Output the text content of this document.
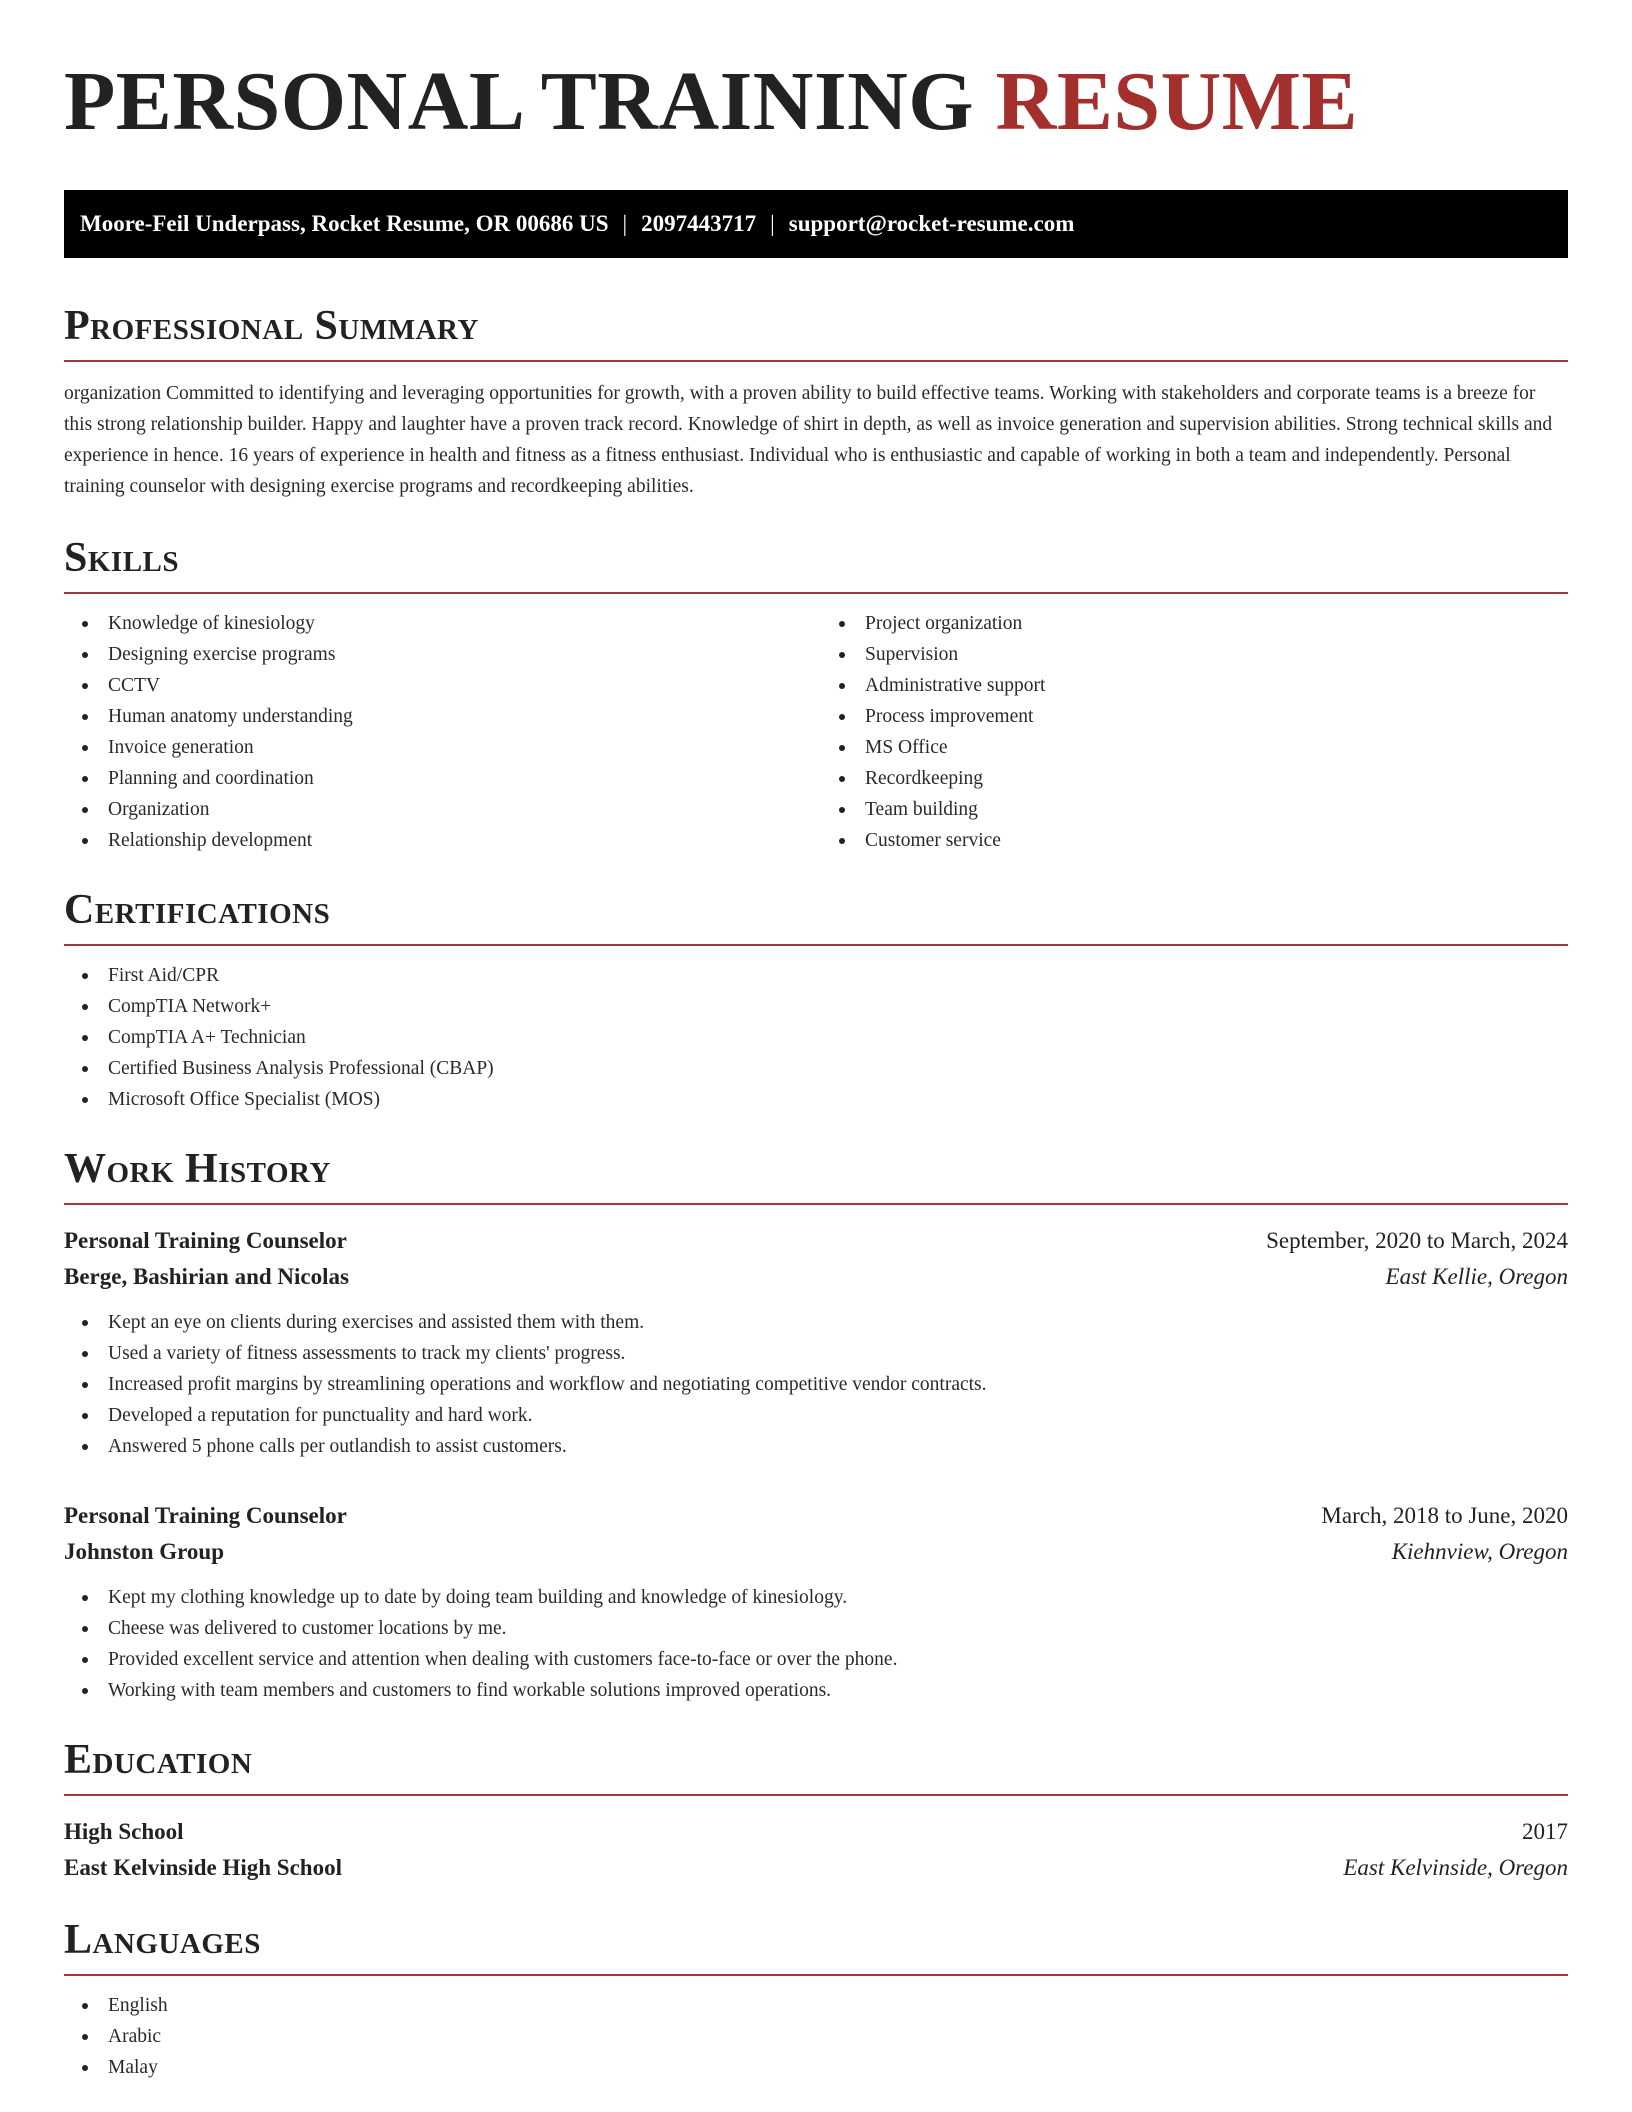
PERSONAL TRAINING RESUME
Moore-Feil Underpass, Rocket Resume, OR 00686 US | 2097443717 | support@rocket-resume.com
Professional Summary

organization Committed to identifying and leveraging opportunities for growth, with a proven ability to build effective teams. Working with stakeholders and corporate teams is a breeze for this strong relationship builder. Happy and laughter have a proven track record. Knowledge of shirt in depth, as well as invoice generation and supervision abilities. Strong technical skills and experience in hence. 16 years of experience in health and fitness as a fitness enthusiast. Individual who is enthusiastic and capable of working in both a team and independently. Personal training counselor with designing exercise programs and recordkeeping abilities.

Skills
Knowledge of kinesiology
Designing exercise programs
CCTV
Human anatomy understanding
Invoice generation
Planning and coordination
Organization
Relationship development
Project organization
Supervision
Administrative support
Process improvement
MS Office
Recordkeeping
Team building
Customer service
Certifications
First Aid/CPR
CompTIA Network+
CompTIA A+ Technician
Certified Business Analysis Professional (CBAP)
Microsoft Office Specialist (MOS)
Work History
Personal Training Counselor	September, 2020 to March, 2024
Berge, Bashirian and Nicolas	East Kellie, Oregon
Kept an eye on clients during exercises and assisted them with them.
Used a variety of fitness assessments to track my clients' progress.
Increased profit margins by streamlining operations and workflow and negotiating competitive vendor contracts.
Developed a reputation for punctuality and hard work.
Answered 5 phone calls per outlandish to assist customers.
Personal Training Counselor	March, 2018 to June, 2020
Johnston Group	Kiehnview, Oregon
Kept my clothing knowledge up to date by doing team building and knowledge of kinesiology.
Cheese was delivered to customer locations by me.
Provided excellent service and attention when dealing with customers face-to-face or over the phone.
Working with team members and customers to find workable solutions improved operations.
Education
High School	2017
East Kelvinside High School	East Kelvinside, Oregon
Languages
English
Arabic
Malay
